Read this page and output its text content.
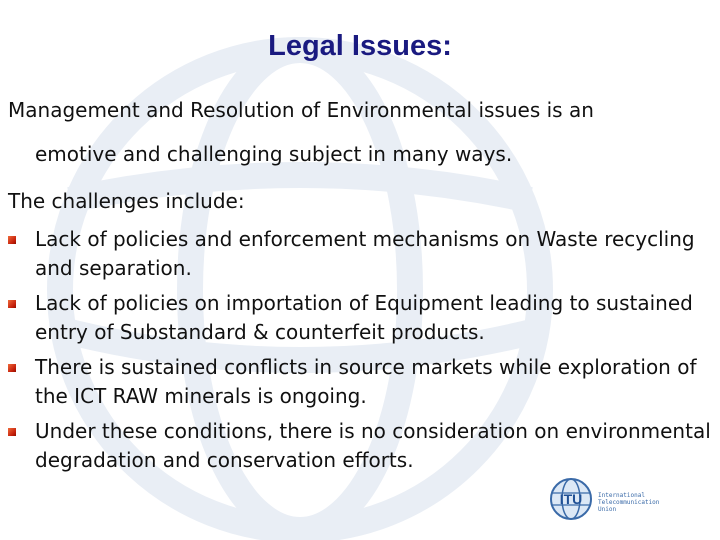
Legal Issues:
Management and Resolution of Environmental issues is an
emotive and challenging subject in many ways.
The challenges include:
Lack of policies and enforcement mechanisms on Waste recycling and separation.
Lack of policies on importation of Equipment leading to sustained entry of Substandard & counterfeit products.
There is sustained conflicts in source markets while exploration of the ICT RAW minerals is ongoing.
Under these conditions, there is no consideration on environmental degradation and conservation efforts.
ITU	International
Telecommunication
Union
